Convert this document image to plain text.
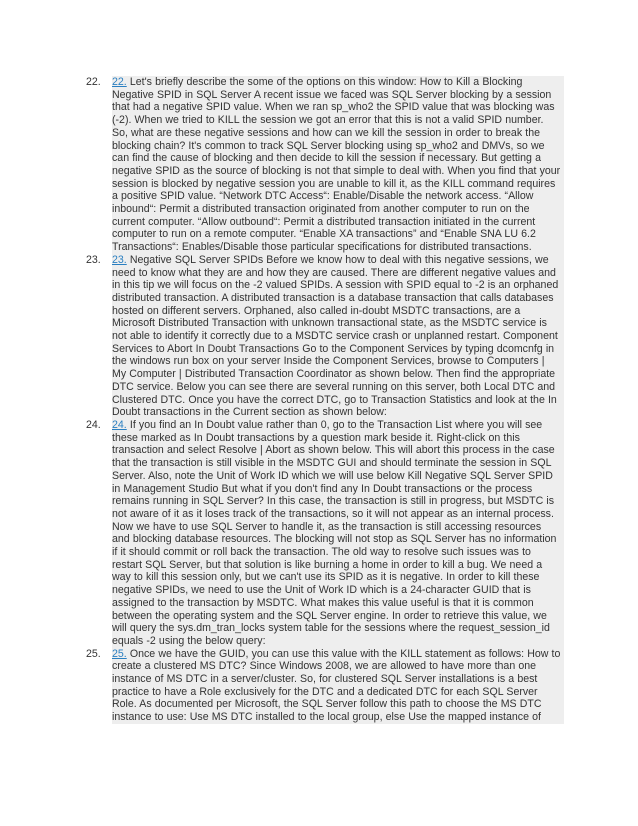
22.	22. Let's briefly describe the some of the options on this window: How to Kill a Blocking Negative SPID in SQL Server A recent issue we faced was SQL Server blocking by a session that had a negative SPID value. When we ran sp_who2 the SPID value that was blocking was (-2). When we tried to KILL the session we got an error that this is not a valid SPID number. So, what are these negative sessions and how can we kill the session in order to break the blocking chain? It's common to track SQL Server blocking using sp_who2 and DMVs, so we can find the cause of blocking and then decide to kill the session if necessary. But getting a negative SPID as the source of blocking is not that simple to deal with. When you find that your session is blocked by negative session you are unable to kill it, as the KILL command requires a positive SPID value. “Network DTC Access“: Enable/Disable the network access. “Allow inbound“: Permit a distributed transaction originated from another computer to run on the current computer. “Allow outbound“: Permit a distributed transaction initiated in the current computer to run on a remote computer. “Enable XA transactions” and “Enable SNA LU 6.2 Transactions“: Enables/Disable those particular specifications for distributed transactions.
23.	23. Negative SQL Server SPIDs Before we know how to deal with this negative sessions, we need to know what they are and how they are caused. There are different negative values and in this tip we will focus on the -2 valued SPIDs. A session with SPID equal to -2 is an orphaned distributed transaction. A distributed transaction is a database transaction that calls databases hosted on different servers. Orphaned, also called in-doubt MSDTC transactions, are a Microsoft Distributed Transaction with unknown transactional state, as the MSDTC service is not able to identify it correctly due to a MSDTC service crash or unplanned restart. Component Services to Abort In Doubt Transactions Go to the Component Services by typing dcomcnfg in the windows run box on your server Inside the Component Services, browse to Computers | My Computer | Distributed Transaction Coordinator as shown below. Then find the appropriate DTC service. Below you can see there are several running on this server, both Local DTC and Clustered DTC. Once you have the correct DTC, go to Transaction Statistics and look at the In Doubt transactions in the Current section as shown below:
24.	24. If you find an In Doubt value rather than 0, go to the Transaction List where you will see these marked as In Doubt transactions by a question mark beside it. Right-click on this transaction and select Resolve | Abort as shown below. This will abort this process in the case that the transaction is still visible in the MSDTC GUI and should terminate the session in SQL Server. Also, note the Unit of Work ID which we will use below Kill Negative SQL Server SPID in Management Studio But what if you don't find any In Doubt transactions or the process remains running in SQL Server? In this case, the transaction is still in progress, but MSDTC is not aware of it as it loses track of the transactions, so it will not appear as an internal process. Now we have to use SQL Server to handle it, as the transaction is still accessing resources and blocking database resources. The blocking will not stop as SQL Server has no information if it should commit or roll back the transaction. The old way to resolve such issues was to restart SQL Server, but that solution is like burning a home in order to kill a bug. We need a way to kill this session only, but we can't use its SPID as it is negative. In order to kill these negative SPIDs, we need to use the Unit of Work ID which is a 24-character GUID that is assigned to the transaction by MSDTC. What makes this value useful is that it is common between the operating system and the SQL Server engine. In order to retrieve this value, we will query the sys.dm_tran_locks system table for the sessions where the request_session_id equals -2 using the below query:
25.	25. Once we have the GUID, you can use this value with the KILL statement as follows: How to create a clustered MS DTC? Since Windows 2008, we are allowed to have more than one instance of MS DTC in a server/cluster. So, for clustered SQL Server installations is a best practice to have a Role exclusively for the DTC and a dedicated DTC for each SQL Server Role. As documented per Microsoft, the SQL Server follow this path to choose the MS DTC instance to use: Use MS DTC installed to the local group, else Use the mapped instance of
